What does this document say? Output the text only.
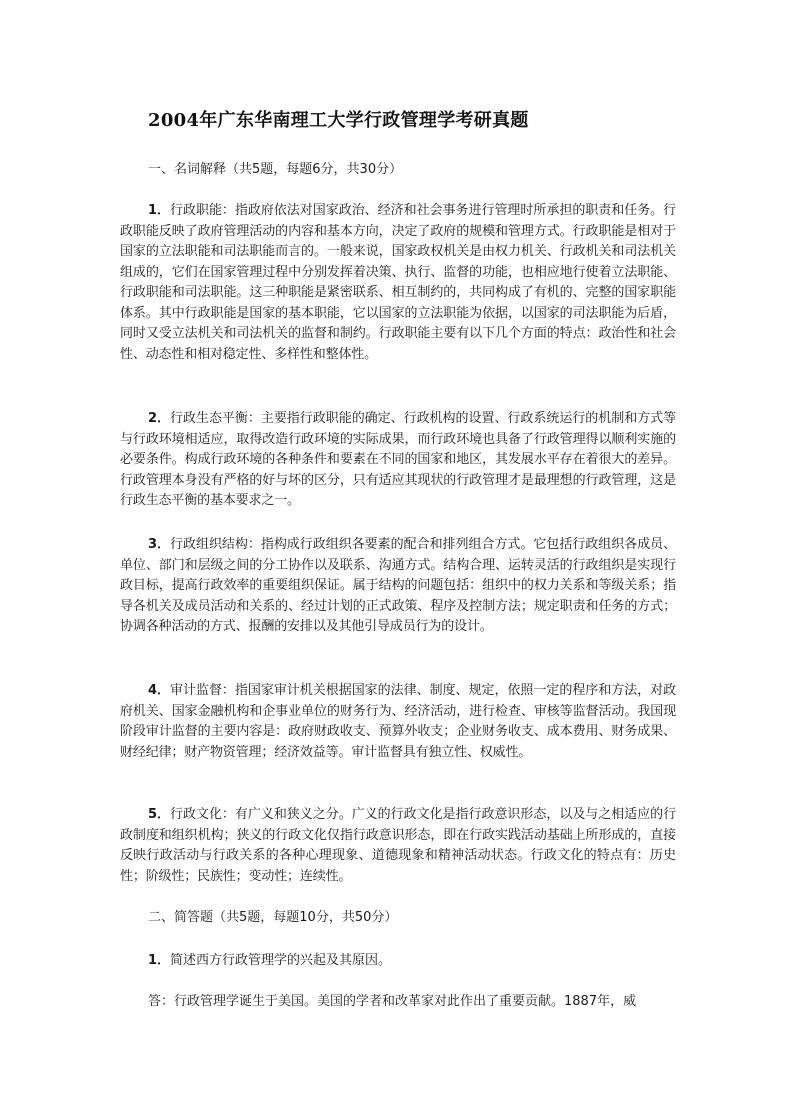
2004年广东华南理工大学行政管理学考研真题

一、名词解释（共5题，每题6分，共30分）

1．行政职能：指政府依法对国家政治、经济和社会事务进行管理时所承担的职责和任务。行政职能反映了政府管理活动的内容和基本方向，决定了政府的规模和管理方式。行政职能是相对于国家的立法职能和司法职能而言的。一般来说，国家政权机关是由权力机关、行政机关和司法机关组成的，它们在国家管理过程中分别发挥着决策、执行、监督的功能，也相应地行使着立法职能、行政职能和司法职能。这三种职能是紧密联系、相互制约的，共同构成了有机的、完整的国家职能体系。其中行政职能是国家的基本职能，它以国家的立法职能为依据，以国家的司法职能为后盾，同时又受立法机关和司法机关的监督和制约。行政职能主要有以下几个方面的特点：政治性和社会性、动态性和相对稳定性、多样性和整体性。

2．行政生态平衡：主要指行政职能的确定、行政机构的设置、行政系统运行的机制和方式等与行政环境相适应，取得改造行政环境的实际成果，而行政环境也具备了行政管理得以顺利实施的必要条件。构成行政环境的各种条件和要素在不同的国家和地区，其发展水平存在着很大的差异。行政管理本身没有严格的好与坏的区分，只有适应其现状的行政管理才是最理想的行政管理，这是行政生态平衡的基本要求之一。

3．行政组织结构：指构成行政组织各要素的配合和排列组合方式。它包括行政组织各成员、单位、部门和层级之间的分工协作以及联系、沟通方式。结构合理、运转灵活的行政组织是实现行政目标，提高行政效率的重要组织保证。属于结构的问题包括：组织中的权力关系和等级关系；指导各机关及成员活动和关系的、经过计划的正式政策、程序及控制方法；规定职责和任务的方式；协调各种活动的方式、报酬的安排以及其他引导成员行为的设计。

4．审计监督：指国家审计机关根据国家的法律、制度、规定，依照一定的程序和方法，对政府机关、国家金融机构和企事业单位的财务行为、经济活动，进行检查、审核等监督活动。我国现阶段审计监督的主要内容是：政府财政收支、预算外收支；企业财务收支、成本费用、财务成果、财经纪律；财产物资管理；经济效益等。审计监督具有独立性、权威性。

5．行政文化：有广义和狭义之分。广义的行政文化是指行政意识形态，以及与之相适应的行政制度和组织机构；狭义的行政文化仅指行政意识形态，即在行政实践活动基础上所形成的，直接反映行政活动与行政关系的各种心理现象、道德现象和精神活动状态。行政文化的特点有：历史性；阶级性；民族性；变动性；连续性。

二、简答题（共5题，每题10分，共50分）

1．简述西方行政管理学的兴起及其原因。

答：行政管理学诞生于美国。美国的学者和改革家对此作出了重要贡献。1887年，威
